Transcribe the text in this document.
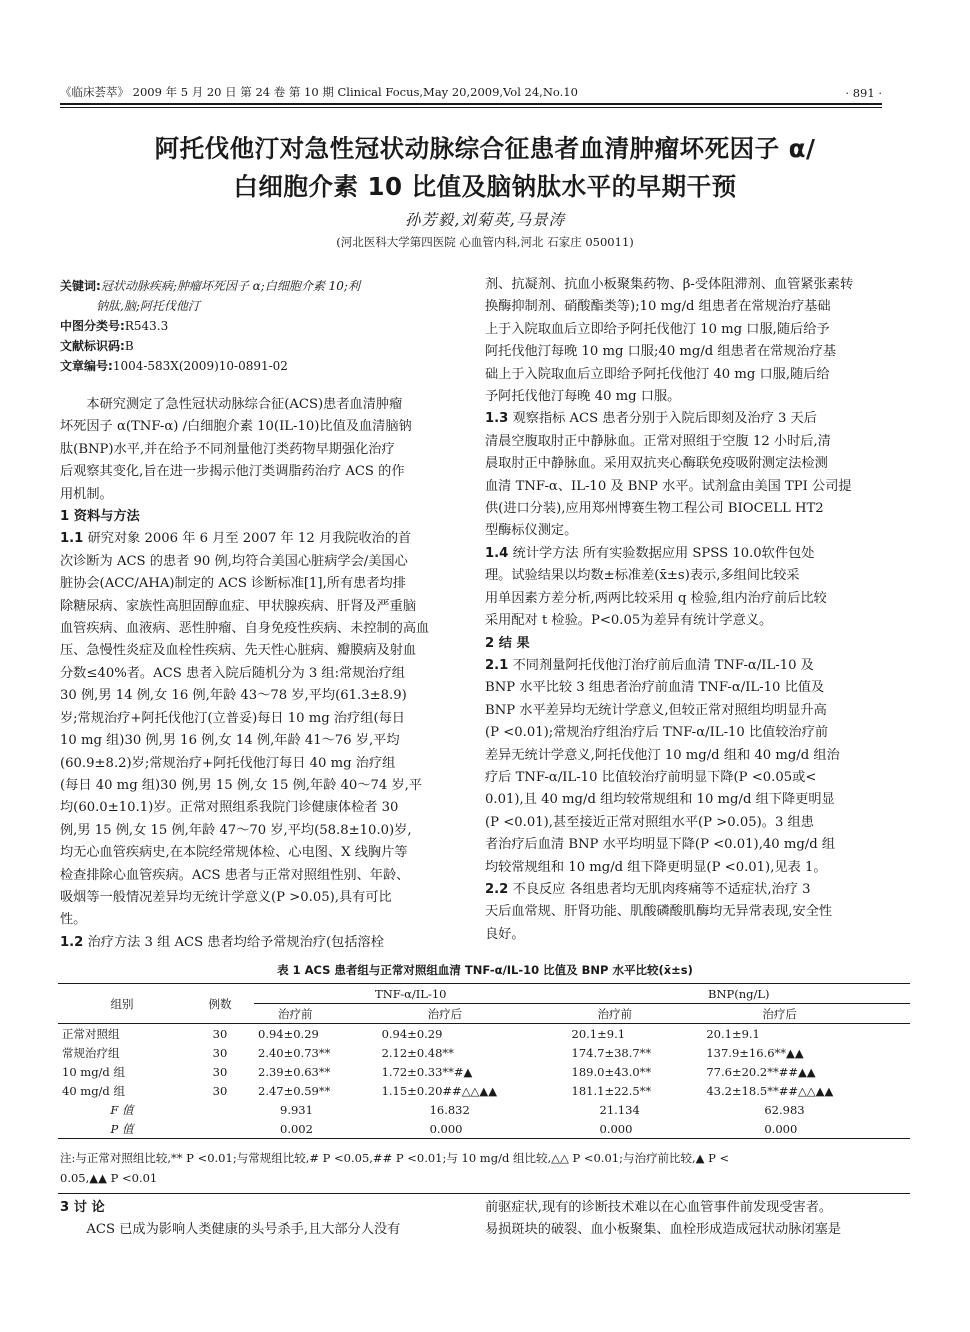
《临床荟萃》 2009 年 5 月 20 日 第 24 卷 第 10 期 Clinical Focus,May 20,2009,Vol 24,No.10	· 891 ·
阿托伐他汀对急性冠状动脉综合征患者血清肿瘤坏死因子 α/
白细胞介素 10 比值及脑钠肽水平的早期干预
孙芳毅,刘菊英,马景涛
(河北医科大学第四医院 心血管内科,河北 石家庄 050011)
关键词:冠状动脉疾病;肿瘤坏死因子 α;白细胞介素 10;利
钠肽,脑;阿托伐他汀
中图分类号:R543.3
文献标识码:B
文章编号:1004-583X(2009)10-0891-02
本研究测定了急性冠状动脉综合征(ACS)患者血清肿瘤
坏死因子 α(TNF-α) /白细胞介素 10(IL-10)比值及血清脑钠
肽(BNP)水平,并在给予不同剂量他汀类药物早期强化治疗
后观察其变化,旨在进一步揭示他汀类调脂药治疗 ACS 的作
用机制。
1 资料与方法
1.1 研究对象 2006 年 6 月至 2007 年 12 月我院收治的首
次诊断为 ACS 的患者 90 例,均符合美国心脏病学会/美国心
脏协会(ACC/AHA)制定的 ACS 诊断标准[1],所有患者均排
除糖尿病、家族性高胆固醇血症、甲状腺疾病、肝肾及严重脑
血管疾病、血液病、恶性肿瘤、自身免疫性疾病、未控制的高血
压、急慢性炎症及血栓性疾病、先天性心脏病、瓣膜病及射血
分数≤40%者。ACS 患者入院后随机分为 3 组:常规治疗组
30 例,男 14 例,女 16 例,年龄 43～78 岁,平均(61.3±8.9)
岁;常规治疗+阿托伐他汀(立普妥)每日 10 mg 治疗组(每日
10 mg 组)30 例,男 16 例,女 14 例,年龄 41～76 岁,平均
(60.9±8.2)岁;常规治疗+阿托伐他汀每日 40 mg 治疗组
(每日 40 mg 组)30 例,男 15 例,女 15 例,年龄 40～74 岁,平
均(60.0±10.1)岁。正常对照组系我院门诊健康体检者 30
例,男 15 例,女 15 例,年龄 47～70 岁,平均(58.8±10.0)岁,
均无心血管疾病史,在本院经常规体检、心电图、X 线胸片等
检查排除心血管疾病。ACS 患者与正常对照组性别、年龄、
吸烟等一般情况差异均无统计学意义(P >0.05),具有可比
性。
1.2 治疗方法 3 组 ACS 患者均给予常规治疗(包括溶栓
剂、抗凝剂、抗血小板聚集药物、β-受体阻滞剂、血管紧张素转
换酶抑制剂、硝酸酯类等);10 mg/d 组患者在常规治疗基础
上于入院取血后立即给予阿托伐他汀 10 mg 口服,随后给予
阿托伐他汀每晚 10 mg 口服;40 mg/d 组患者在常规治疗基
础上于入院取血后立即给予阿托伐他汀 40 mg 口服,随后给
予阿托伐他汀每晚 40 mg 口服。
1.3 观察指标 ACS 患者分别于入院后即刻及治疗 3 天后
清晨空腹取肘正中静脉血。正常对照组于空腹 12 小时后,清
晨取肘正中静脉血。采用双抗夹心酶联免疫吸附测定法检测
血清 TNF-α、IL-10 及 BNP 水平。试剂盒由美国 TPI 公司提
供(进口分装),应用郑州博赛生物工程公司 BIOCELL HT2
型酶标仪测定。
1.4 统计学方法 所有实验数据应用 SPSS 10.0软件包处
理。试验结果以均数±标准差(x̄±s)表示,多组间比较采
用单因素方差分析,两两比较采用 q 检验,组内治疗前后比较
采用配对 t 检验。P<0.05为差异有统计学意义。
2 结 果
2.1 不同剂量阿托伐他汀治疗前后血清 TNF-α/IL-10 及
BNP 水平比较 3 组患者治疗前血清 TNF-α/IL-10 比值及
BNP 水平差异均无统计学意义,但较正常对照组均明显升高
(P <0.01);常规治疗组治疗后 TNF-α/IL-10 比值较治疗前
差异无统计学意义,阿托伐他汀 10 mg/d 组和 40 mg/d 组治
疗后 TNF-α/IL-10 比值较治疗前明显下降(P <0.05或<
0.01),且 40 mg/d 组均较常规组和 10 mg/d 组下降更明显
(P <0.01),甚至接近正常对照组水平(P >0.05)。3 组患
者治疗后血清 BNP 水平均明显下降(P <0.01),40 mg/d 组
均较常规组和 10 mg/d 组下降更明显(P <0.01),见表 1。
2.2 不良反应 各组患者均无肌肉疼痛等不适症状,治疗 3
天后血常规、肝肾功能、肌酸磷酸肌酶均无异常表现,安全性
良好。
表 1 ACS 患者组与正常对照组血清 TNF-α/IL-10 比值及 BNP 水平比较(x̄±s)
组别	例数	TNF-α/IL-10		BNP(ng/L)	
		治疗前	治疗后	治疗前	治疗后
正常对照组	30	0.94±0.29	0.94±0.29	20.1±9.1	20.1±9.1
常规治疗组	30	2.40±0.73**	2.12±0.48**	174.7±38.7**	137.9±16.6**▲▲
10 mg/d 组	30	2.39±0.63**	1.72±0.33**#▲	189.0±43.0**	77.6±20.2**##▲▲
40 mg/d 组	30	2.47±0.59**	1.15±0.20##△△▲▲	181.1±22.5**	43.2±18.5**##△△▲▲
F 值		9.931	16.832	21.134	62.983
P 值		0.002	0.000	0.000	0.000
注:与正常对照组比较,** P <0.01;与常规组比较,# P <0.05,## P <0.01;与 10 mg/d 组比较,△△ P <0.01;与治疗前比较,▲ P <
0.05,▲▲ P <0.01
3 讨 论
ACS 已成为影响人类健康的头号杀手,且大部分人没有
前驱症状,现有的诊断技术难以在心血管事件前发现受害者。
易损斑块的破裂、血小板聚集、血栓形成造成冠状动脉闭塞是
